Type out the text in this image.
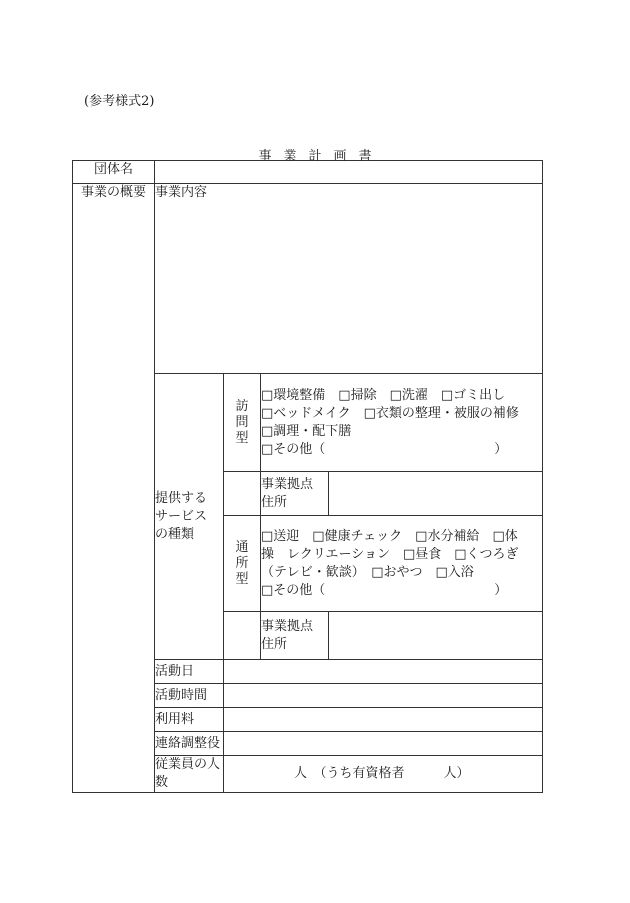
(参考様式2)
事 業 計 画 書
団体名				
事業の概要	事業内容			
	提供する サービス の種類	訪問型	□環境整備　□掃除　□洗濯　□ゴミ出し
□ベッドメイク　□衣類の整理・被服の補修
□調理・配下膳
□その他（　　　　　　　　　　　　　）	

			事業拠点
住所	

		通所型	□送迎　□健康チェック　□水分補給　□体
操　レクリエーション　□昼食　□くつろぎ
（テレビ・歓談）　□おやつ　□入浴
□その他（　　　　　　　　　　　　　）	

			事業拠点
住所	

	活動日			
	活動時間			
	利用料			
	連絡調整役			
	従業員の人数	人　（うち有資格者　　　人）		
